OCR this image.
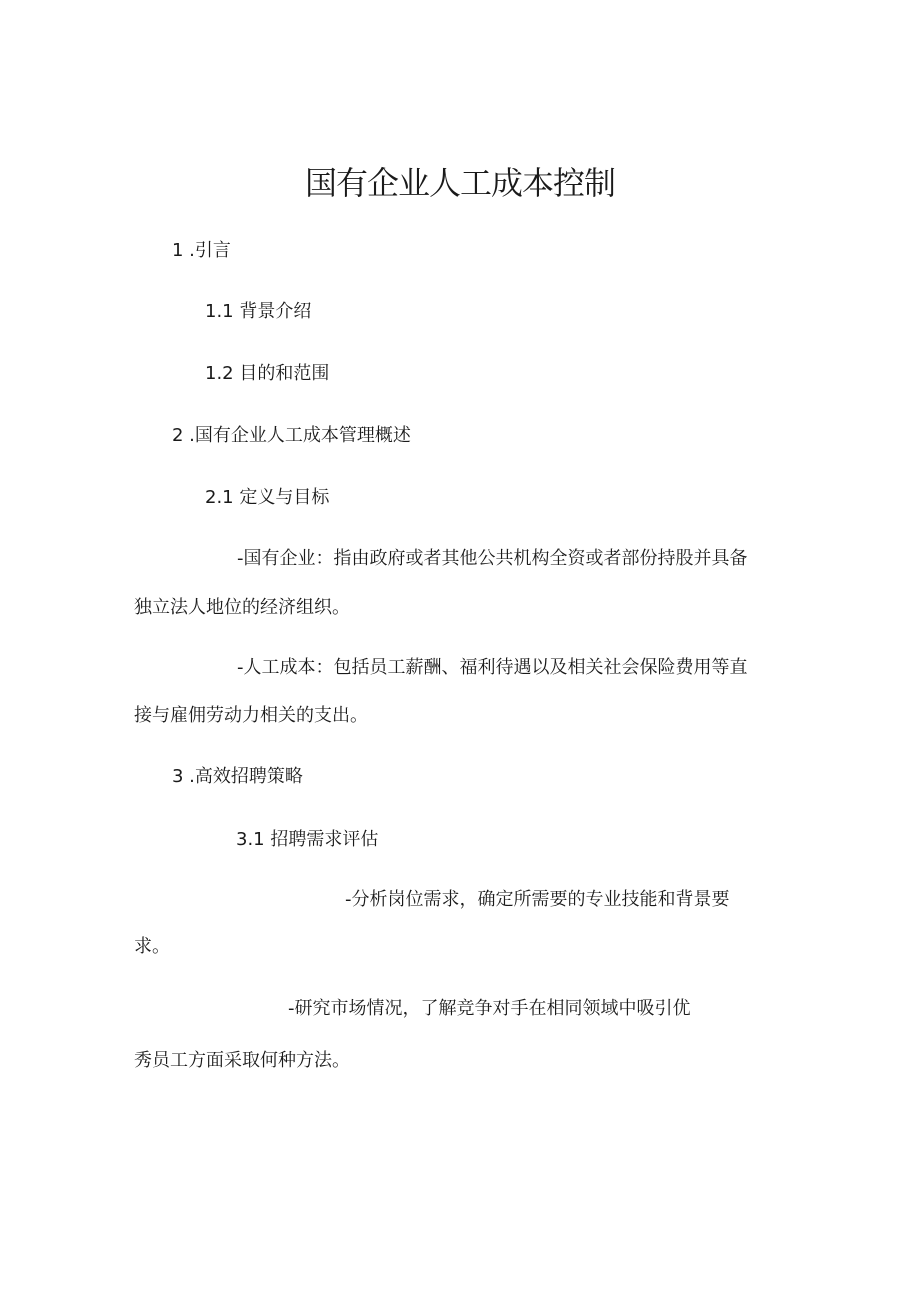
国有企业人工成本控制
1 .引言
1.1 背景介绍
1.2 目的和范围
2 .国有企业人工成本管理概述
2.1 定义与目标
-国有企业：指由政府或者其他公共机构全资或者部份持股并具备
独立法人地位的经济组织。
-人工成本：包括员工薪酬、福利待遇以及相关社会保险费用等直
接与雇佣劳动力相关的支出。
3 .高效招聘策略
3.1 招聘需求评估
-分析岗位需求，确定所需要的专业技能和背景要
求。
-研究市场情况，了解竞争对手在相同领域中吸引优
秀员工方面采取何种方法。
